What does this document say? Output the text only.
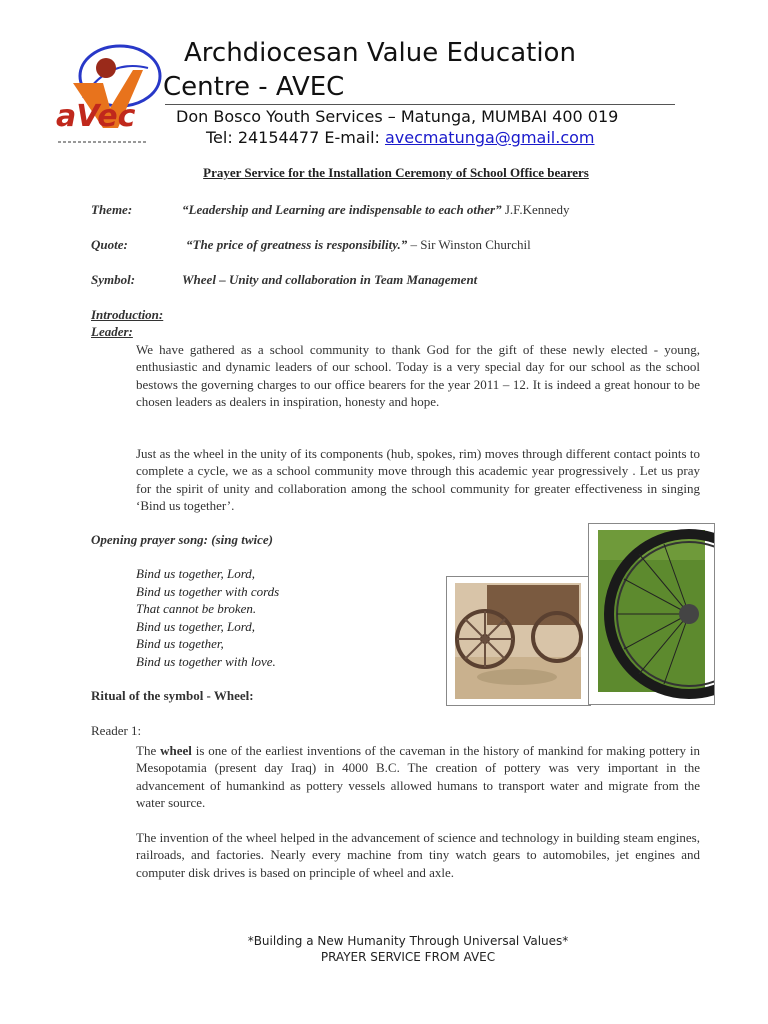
aVec
Archdiocesan Value Education
Centre - AVEC
Don Bosco Youth Services – Matunga, MUMBAI 400 019
Tel: 24154477 E-mail: avecmatunga@gmail.com
Prayer Service for the Installation Ceremony of School Office bearers
Theme:	“Leadership and Learning are indispensable to each other” J.F.Kennedy
Quote:	“The price of greatness is responsibility.” – Sir Winston Churchil
Symbol:	Wheel – Unity and collaboration in Team Management
Introduction:
Leader:

We have gathered as a school community to thank God for the gift of these newly elected - young, enthusiastic and dynamic leaders of our school. Today is a very special day for our school as the school bestows the governing charges to our office bearers for the year 2011 – 12. It is indeed a great honour to be chosen leaders as dealers in inspiration, honesty and hope.

Just as the wheel in the unity of its components (hub, spokes, rim) moves through different contact points to complete a cycle, we as a school community move through this academic year progressively . Let us pray for the spirit of unity and collaboration among the school community for greater effectiveness in singing ‘Bind us together’.

Opening prayer song: (sing twice)
Bind us together, Lord,
Bind us together with cords
That cannot be broken.
Bind us together, Lord,
Bind us together,
Bind us together with love.
Ritual of the symbol - Wheel:
Reader 1:

The wheel is one of the earliest inventions of the caveman in the history of mankind for making pottery in Mesopotamia (present day Iraq) in 4000 B.C. The creation of pottery was very important in the advancement of humankind as pottery vessels allowed humans to transport water and migrate from the water source.

The invention of the wheel helped in the advancement of science and technology in building steam engines, railroads, and factories. Nearly every machine from tiny watch gears to automobiles, jet engines and computer disk drives is based on principle of wheel and axle.

*Building a New Humanity Through Universal Values*
PRAYER SERVICE FROM AVEC
